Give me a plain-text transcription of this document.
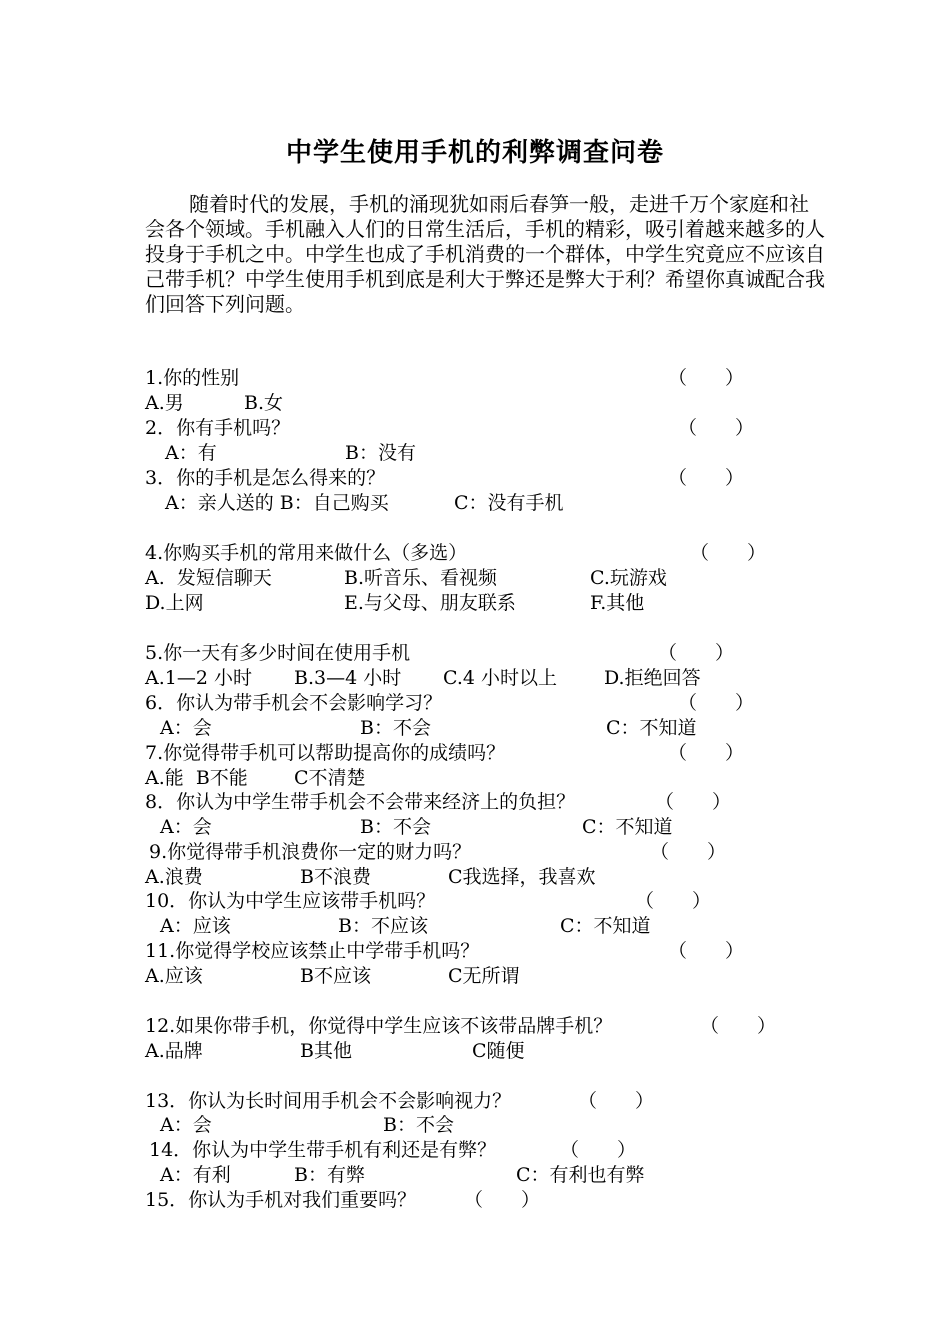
中学生使用手机的利弊调查问卷
随着时代的发展，手机的涌现犹如雨后春笋一般，走进千万个家庭和社会各个领域。手机融入人们的日常生活后，手机的精彩，吸引着越来越多的人投身于手机之中。中学生也成了手机消费的一个群体，中学生究竟应不应该自己带手机？中学生使用手机到底是利大于弊还是弊大于利？希望你真诚配合我们回答下列问题。
1.你的性别	（　　）
A.男	B.女
2．你有手机吗？	（　　）
A：有	B：没有
3．你的手机是怎么得来的？	（　　）
A：亲人送的 B：自己购买	C：没有手机
4.你购买手机的常用来做什么（多选）	（　　）
A.  发短信聊天	B.听音乐、看视频	C.玩游戏
D.上网	E.与父母、朋友联系	F.其他
5.你一天有多少时间在使用手机	（　　）
A.1—2 小时 B.3—4 小时 C.4 小时以上 D.拒绝回答
6．你认为带手机会不会影响学习？	（　　）
A：会	B：不会	C：不知道
7.你觉得带手机可以帮助提高你的成绩吗？	（　　）
A.能  B不能 C不清楚
8．你认为中学生带手机会不会带来经济上的负担？	（　　）
A：会	B：不会	C：不知道
9.你觉得带手机浪费你一定的财力吗？	（　　）
A.浪费	B不浪费	C我选择，我喜欢
10．你认为中学生应该带手机吗？	（　　）
A：应该	B：不应该	C：不知道
11.你觉得学校应该禁止中学带手机吗？	（　　）
A.应该	B不应该	C无所谓
12.如果你带手机，你觉得中学生应该不该带品牌手机？	（　　）
A.品牌	B其他	C随便
13．你认为长时间用手机会不会影响视力？	（　　）
A：会	B：不会
14．你认为中学生带手机有利还是有弊？	（　　）
A：有利	B：有弊	C：有利也有弊
15．你认为手机对我们重要吗？	（　　）
